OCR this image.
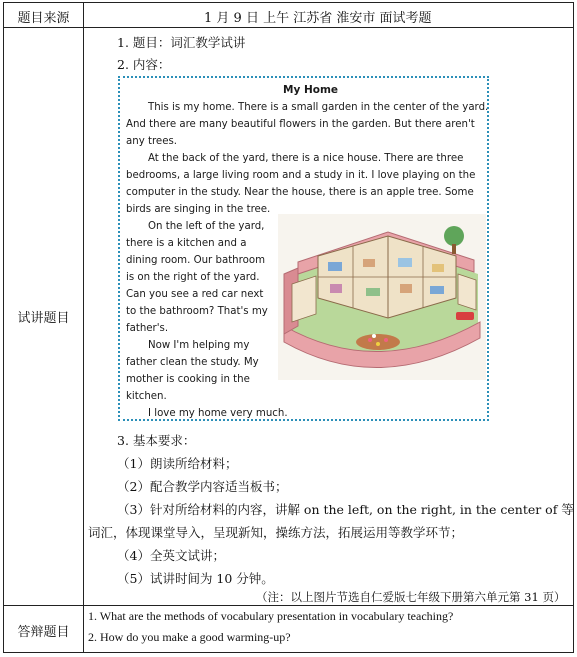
题目来源	1 月 9 日 上午 江苏省 淮安市 面试考题
试讲题目
1. 题目：词汇教学试讲
2. 内容：
My Home
This is my home. There is a small garden in the center of the yard.
And there are many beautiful flowers in the garden. But there aren't
any trees.
At the back of the yard, there is a nice house. There are three
bedrooms, a large living room and a study in it. I love playing on the
computer in the study. Near the house, there is an apple tree. Some
birds are singing in the tree.
On the left of the yard,
there is a kitchen and a
dining room. Our bathroom
is on the right of the yard.
Can you see a red car next
to the bathroom? That's my
father's.
Now I'm helping my
father clean the study. My
mother is cooking in the
kitchen.
I love my home very much.
3. 基本要求：
（1）朗读所给材料；
（2）配合教学内容适当板书；
（3）针对所给材料的内容，讲解 on the left, on the right, in the center of 等
词汇，体现课堂导入，呈现新知，操练方法，拓展运用等教学环节；
（4）全英文试讲；
（5）试讲时间为 10 分钟。
（注：以上图片节选自仁爱版七年级下册第六单元第 31 页）
答辩题目
1. What are the methods of vocabulary presentation in vocabulary teaching?
2. How do you make a good warming-up?
